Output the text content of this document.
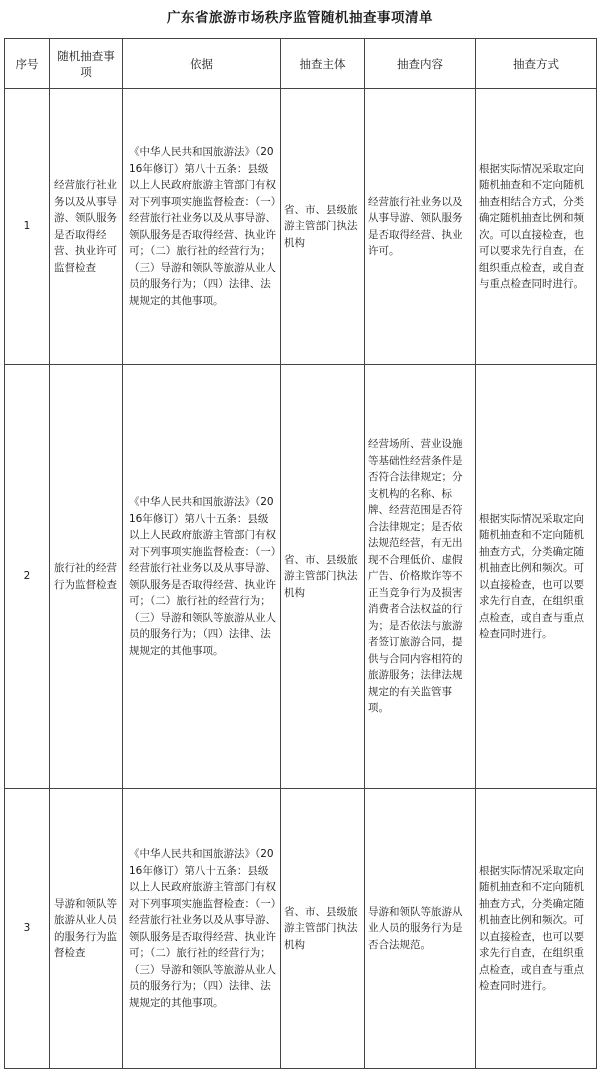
广东省旅游市场秩序监管随机抽查事项清单
序号	随机抽查事项	依据	抽查主体	抽查内容	抽查方式
1	经营旅行社业务以及从事导游、领队服务是否取得经营、执业许可监督检查	《中华人民共和国旅游法》（2016年修订）第八十五条：县级以上人民政府旅游主管部门有权对下列事项实施监督检查：（一）经营旅行社业务以及从事导游、领队服务是否取得经营、执业许可；（二）旅行社的经营行为；（三）导游和领队等旅游从业人员的服务行为；（四）法律、法规规定的其他事项。	省、市、县级旅游主管部门执法机构	经营旅行社业务以及从事导游、领队服务是否取得经营、执业许可。	根据实际情况采取定向随机抽查和不定向随机抽查相结合方式，分类确定随机抽查比例和频次。可以直接检查，也可以要求先行自查，在组织重点检查，或自查与重点检查同时进行。
2	旅行社的经营行为监督检查	《中华人民共和国旅游法》（2016年修订）第八十五条：县级以上人民政府旅游主管部门有权对下列事项实施监督检查：（一）经营旅行社业务以及从事导游、领队服务是否取得经营、执业许可；（二）旅行社的经营行为；（三）导游和领队等旅游从业人员的服务行为；（四）法律、法规规定的其他事项。	省、市、县级旅游主管部门执法机构	经营场所、营业设施等基础性经营条件是否符合法律规定；分支机构的名称、标牌、经营范围是否符合法律规定；是否依法规范经营，有无出现不合理低价、虚假广告、价格欺诈等不正当竞争行为及损害消费者合法权益的行为；是否依法与旅游者签订旅游合同，提供与合同内容相符的旅游服务；法律法规规定的有关监管事项。	根据实际情况采取定向随机抽查和不定向随机抽查方式，分类确定随机抽查比例和频次。可以直接检查，也可以要求先行自查，在组织重点检查，或自查与重点检查同时进行。
3	导游和领队等旅游从业人员的服务行为监督检查	《中华人民共和国旅游法》（2016年修订）第八十五条：县级以上人民政府旅游主管部门有权对下列事项实施监督检查：（一）经营旅行社业务以及从事导游、领队服务是否取得经营、执业许可；（二）旅行社的经营行为；（三）导游和领队等旅游从业人员的服务行为；（四）法律、法规规定的其他事项。	省、市、县级旅游主管部门执法机构	导游和领队等旅游从业人员的服务行为是否合法规范。	根据实际情况采取定向随机抽查和不定向随机抽查方式，分类确定随机抽查比例和频次。可以直接检查，也可以要求先行自查，在组织重点检查，或自查与重点检查同时进行。
